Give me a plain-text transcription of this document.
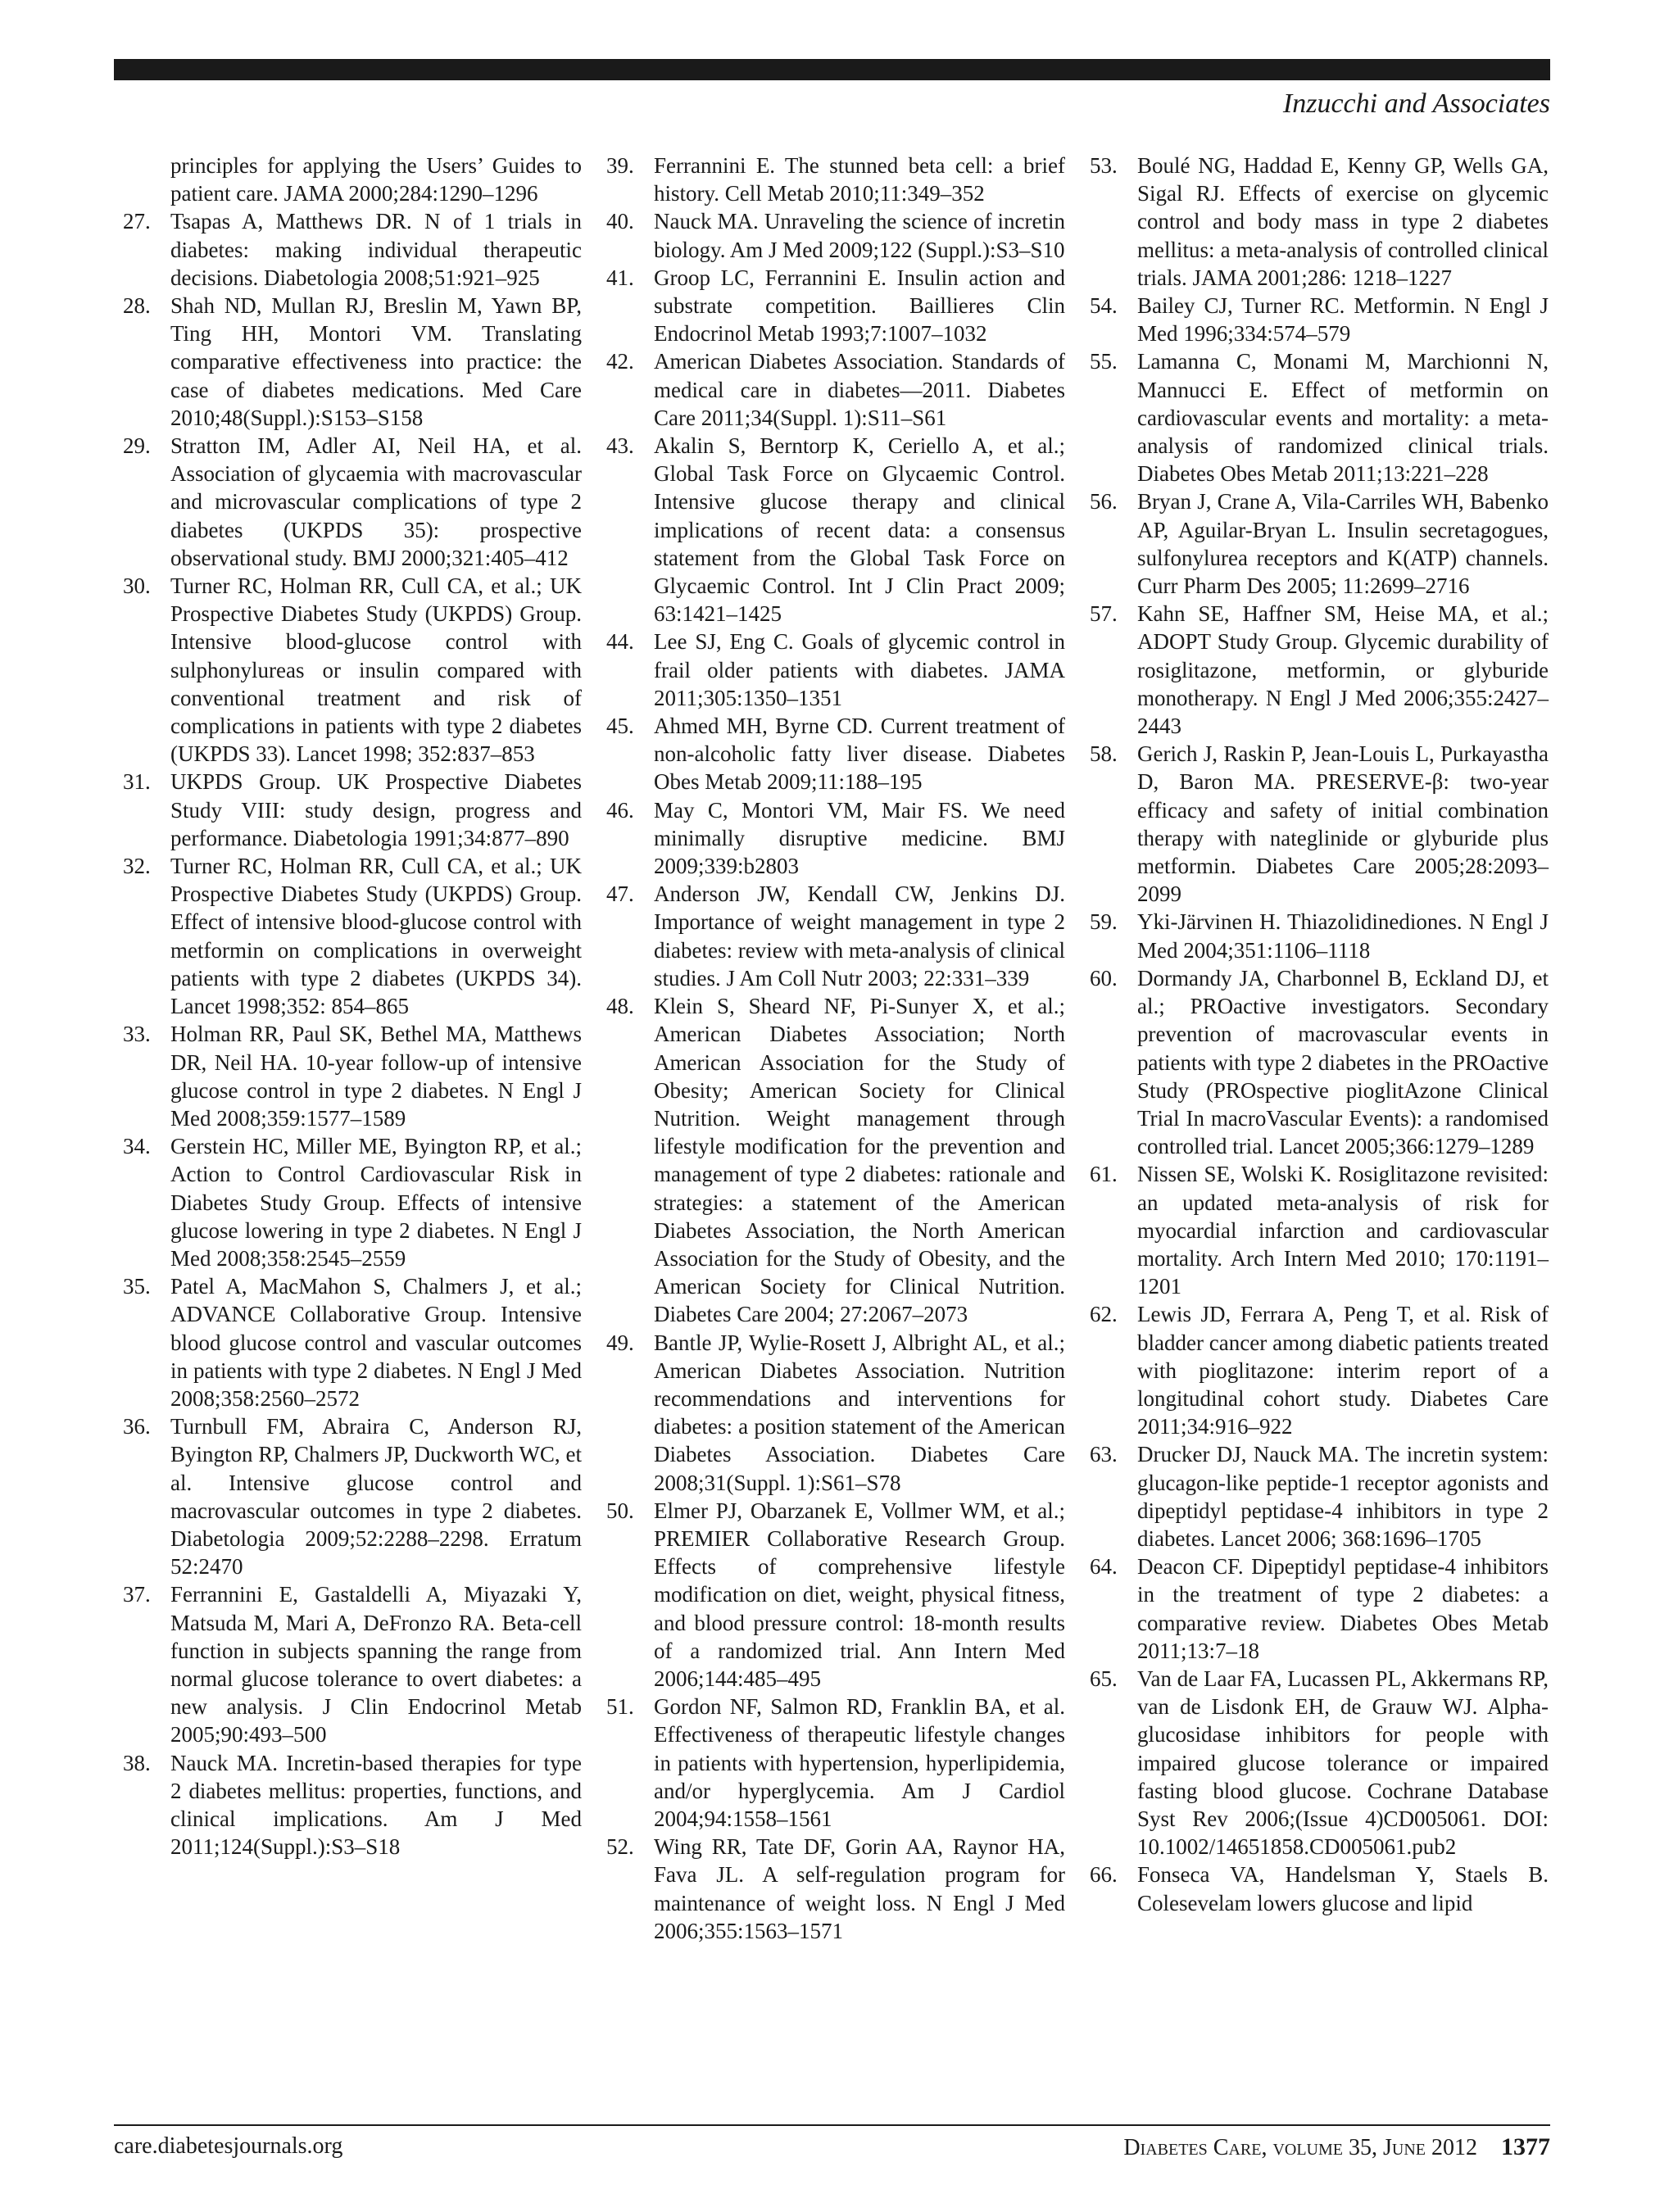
Inzucchi and Associates
principles for applying the Users’ Guides to patient care. JAMA 2000;284:1290–1296
27. Tsapas A, Matthews DR. N of 1 trials in diabetes: making individual therapeutic decisions. Diabetologia 2008;51:921–925
28. Shah ND, Mullan RJ, Breslin M, Yawn BP, Ting HH, Montori VM. Translating comparative effectiveness into practice: the case of diabetes medications. Med Care 2010;48(Suppl.):S153–S158
29. Stratton IM, Adler AI, Neil HA, et al. Association of glycaemia with macrovascular and microvascular complications of type 2 diabetes (UKPDS 35): prospective observational study. BMJ 2000;321:405–412
30. Turner RC, Holman RR, Cull CA, et al.; UK Prospective Diabetes Study (UKPDS) Group. Intensive blood-glucose control with sulphonylureas or insulin compared with conventional treatment and risk of complications in patients with type 2 diabetes (UKPDS 33). Lancet 1998; 352:837–853
31. UKPDS Group. UK Prospective Diabetes Study VIII: study design, progress and performance. Diabetologia 1991;34:877–890
32. Turner RC, Holman RR, Cull CA, et al.; UK Prospective Diabetes Study (UKPDS) Group. Effect of intensive blood-glucose control with metformin on complications in overweight patients with type 2 diabetes (UKPDS 34). Lancet 1998;352: 854–865
33. Holman RR, Paul SK, Bethel MA, Matthews DR, Neil HA. 10-year follow-up of intensive glucose control in type 2 diabetes. N Engl J Med 2008;359:1577–1589
34. Gerstein HC, Miller ME, Byington RP, et al.; Action to Control Cardiovascular Risk in Diabetes Study Group. Effects of intensive glucose lowering in type 2 diabetes. N Engl J Med 2008;358:2545–2559
35. Patel A, MacMahon S, Chalmers J, et al.; ADVANCE Collaborative Group. Intensive blood glucose control and vascular outcomes in patients with type 2 diabetes. N Engl J Med 2008;358:2560–2572
36. Turnbull FM, Abraira C, Anderson RJ, Byington RP, Chalmers JP, Duckworth WC, et al. Intensive glucose control and macrovascular outcomes in type 2 diabetes. Diabetologia 2009;52:2288–2298. Erratum 52:2470
37. Ferrannini E, Gastaldelli A, Miyazaki Y, Matsuda M, Mari A, DeFronzo RA. Beta-cell function in subjects spanning the range from normal glucose tolerance to overt diabetes: a new analysis. J Clin Endocrinol Metab 2005;90:493–500
38. Nauck MA. Incretin-based therapies for type 2 diabetes mellitus: properties, functions, and clinical implications. Am J Med 2011;124(Suppl.):S3–S18
39. Ferrannini E. The stunned beta cell: a brief history. Cell Metab 2010;11:349–352
40. Nauck MA. Unraveling the science of incretin biology. Am J Med 2009;122 (Suppl.):S3–S10
41. Groop LC, Ferrannini E. Insulin action and substrate competition. Baillieres Clin Endocrinol Metab 1993;7:1007–1032
42. American Diabetes Association. Standards of medical care in diabetes—2011. Diabetes Care 2011;34(Suppl. 1):S11–S61
43. Akalin S, Berntorp K, Ceriello A, et al.; Global Task Force on Glycaemic Control. Intensive glucose therapy and clinical implications of recent data: a consensus statement from the Global Task Force on Glycaemic Control. Int J Clin Pract 2009; 63:1421–1425
44. Lee SJ, Eng C. Goals of glycemic control in frail older patients with diabetes. JAMA 2011;305:1350–1351
45. Ahmed MH, Byrne CD. Current treatment of non-alcoholic fatty liver disease. Diabetes Obes Metab 2009;11:188–195
46. May C, Montori VM, Mair FS. We need minimally disruptive medicine. BMJ 2009;339:b2803
47. Anderson JW, Kendall CW, Jenkins DJ. Importance of weight management in type 2 diabetes: review with meta-analysis of clinical studies. J Am Coll Nutr 2003; 22:331–339
48. Klein S, Sheard NF, Pi-Sunyer X, et al.; American Diabetes Association; North American Association for the Study of Obesity; American Society for Clinical Nutrition. Weight management through lifestyle modification for the prevention and management of type 2 diabetes: rationale and strategies: a statement of the American Diabetes Association, the North American Association for the Study of Obesity, and the American Society for Clinical Nutrition. Diabetes Care 2004; 27:2067–2073
49. Bantle JP, Wylie-Rosett J, Albright AL, et al.; American Diabetes Association. Nutrition recommendations and interventions for diabetes: a position statement of the American Diabetes Association. Diabetes Care 2008;31(Suppl. 1):S61–S78
50. Elmer PJ, Obarzanek E, Vollmer WM, et al.; PREMIER Collaborative Research Group. Effects of comprehensive lifestyle modification on diet, weight, physical fitness, and blood pressure control: 18-month results of a randomized trial. Ann Intern Med 2006;144:485–495
51. Gordon NF, Salmon RD, Franklin BA, et al. Effectiveness of therapeutic lifestyle changes in patients with hypertension, hyperlipidemia, and/or hyperglycemia. Am J Cardiol 2004;94:1558–1561
52. Wing RR, Tate DF, Gorin AA, Raynor HA, Fava JL. A self-regulation program for maintenance of weight loss. N Engl J Med 2006;355:1563–1571
53. Boulé NG, Haddad E, Kenny GP, Wells GA, Sigal RJ. Effects of exercise on glycemic control and body mass in type 2 diabetes mellitus: a meta-analysis of controlled clinical trials. JAMA 2001;286: 1218–1227
54. Bailey CJ, Turner RC. Metformin. N Engl J Med 1996;334:574–579
55. Lamanna C, Monami M, Marchionni N, Mannucci E. Effect of metformin on cardiovascular events and mortality: a meta-analysis of randomized clinical trials. Diabetes Obes Metab 2011;13:221–228
56. Bryan J, Crane A, Vila-Carriles WH, Babenko AP, Aguilar-Bryan L. Insulin secretagogues, sulfonylurea receptors and K(ATP) channels. Curr Pharm Des 2005; 11:2699–2716
57. Kahn SE, Haffner SM, Heise MA, et al.; ADOPT Study Group. Glycemic durability of rosiglitazone, metformin, or glyburide monotherapy. N Engl J Med 2006;355:2427–2443
58. Gerich J, Raskin P, Jean-Louis L, Purkayastha D, Baron MA. PRESERVE-β: two-year efficacy and safety of initial combination therapy with nateglinide or glyburide plus metformin. Diabetes Care 2005;28:2093–2099
59. Yki-Järvinen H. Thiazolidinediones. N Engl J Med 2004;351:1106–1118
60. Dormandy JA, Charbonnel B, Eckland DJ, et al.; PROactive investigators. Secondary prevention of macrovascular events in patients with type 2 diabetes in the PROactive Study (PROspective pioglitAzone Clinical Trial In macroVascular Events): a randomised controlled trial. Lancet 2005;366:1279–1289
61. Nissen SE, Wolski K. Rosiglitazone revisited: an updated meta-analysis of risk for myocardial infarction and cardiovascular mortality. Arch Intern Med 2010; 170:1191–1201
62. Lewis JD, Ferrara A, Peng T, et al. Risk of bladder cancer among diabetic patients treated with pioglitazone: interim report of a longitudinal cohort study. Diabetes Care 2011;34:916–922
63. Drucker DJ, Nauck MA. The incretin system: glucagon-like peptide-1 receptor agonists and dipeptidyl peptidase-4 inhibitors in type 2 diabetes. Lancet 2006; 368:1696–1705
64. Deacon CF. Dipeptidyl peptidase-4 inhibitors in the treatment of type 2 diabetes: a comparative review. Diabetes Obes Metab 2011;13:7–18
65. Van de Laar FA, Lucassen PL, Akkermans RP, van de Lisdonk EH, de Grauw WJ. Alpha-glucosidase inhibitors for people with impaired glucose tolerance or impaired fasting blood glucose. Cochrane Database Syst Rev 2006;(Issue 4)CD005061. DOI: 10.1002/14651858.CD005061.pub2
66. Fonseca VA, Handelsman Y, Staels B. Colesevelam lowers glucose and lipid
care.diabetesjournals.org	Diabetes Care, volume 35, June 2012 1377
